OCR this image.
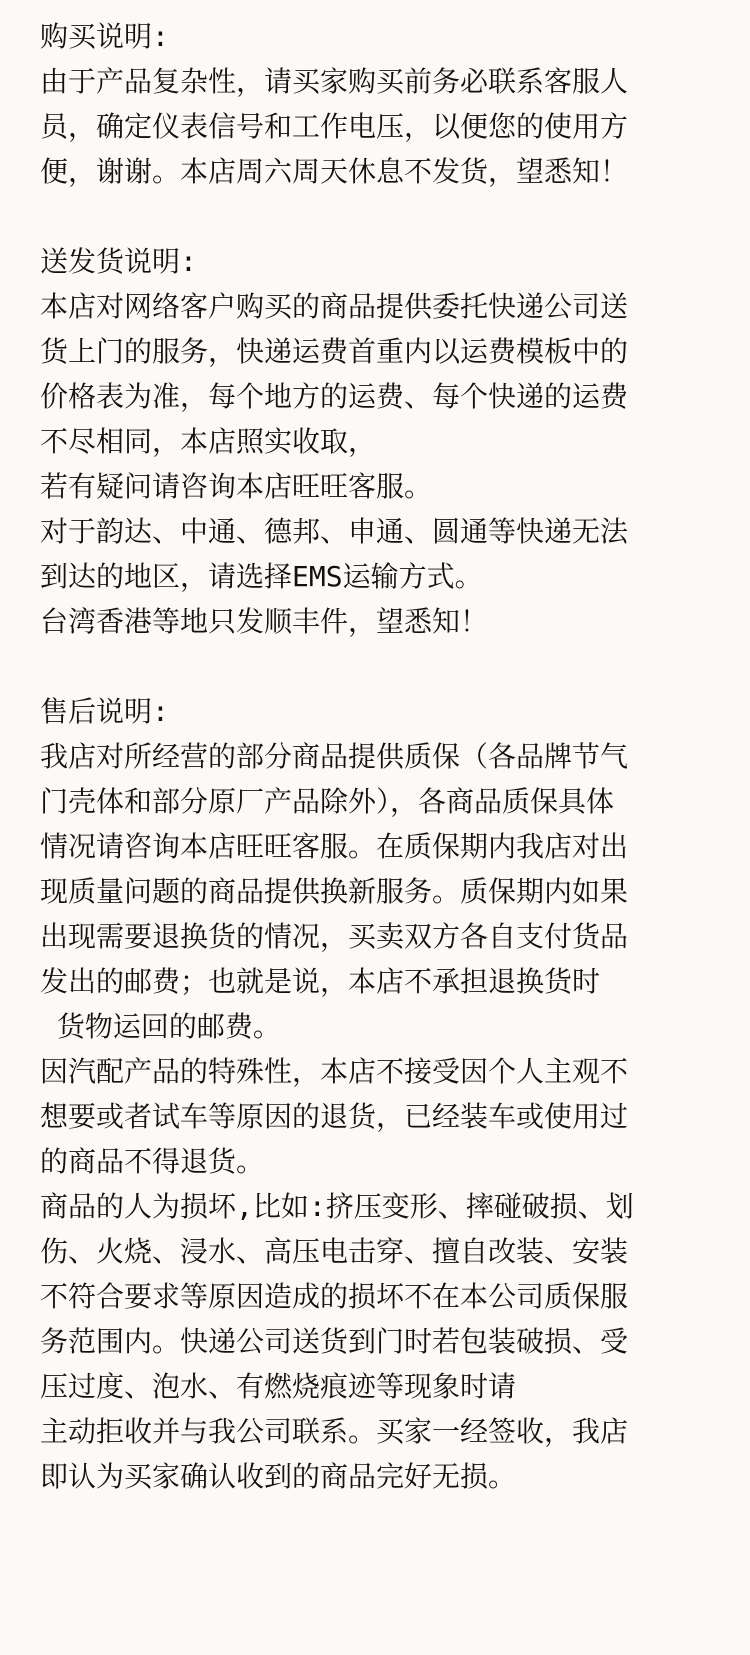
购买说明:
由于产品复杂性，请买家购买前务必联系客服人
员，确定仪表信号和工作电压，以便您的使用方
便，谢谢。本店周六周天休息不发货，望悉知！
送发货说明:
本店对网络客户购买的商品提供委托快递公司送
货上门的服务，快递运费首重内以运费模板中的
价格表为准，每个地方的运费、每个快递的运费
不尽相同，本店照实收取，
若有疑问请咨询本店旺旺客服。
对于韵达、中通、德邦、申通、圆通等快递无法
到达的地区，请选择EMS运输方式。
台湾香港等地只发顺丰件，望悉知！
售后说明:
我店对所经营的部分商品提供质保（各品牌节气
门壳体和部分原厂产品除外），各商品质保具体
情况请咨询本店旺旺客服。在质保期内我店对出
现质量问题的商品提供换新服务。质保期内如果
出现需要退换货的情况，买卖双方各自支付货品
发出的邮费；也就是说，本店不承担退换货时
货物运回的邮费。
因汽配产品的特殊性，本店不接受因个人主观不
想要或者试车等原因的退货，已经装车或使用过
的商品不得退货。
商品的人为损坏,比如:挤压变形、摔碰破损、划
伤、火烧、浸水、高压电击穿、擅自改装、安装
不符合要求等原因造成的损坏不在本公司质保服
务范围内。快递公司送货到门时若包装破损、受
压过度、泡水、有燃烧痕迹等现象时请
主动拒收并与我公司联系。买家一经签收，我店
即认为买家确认收到的商品完好无损。
